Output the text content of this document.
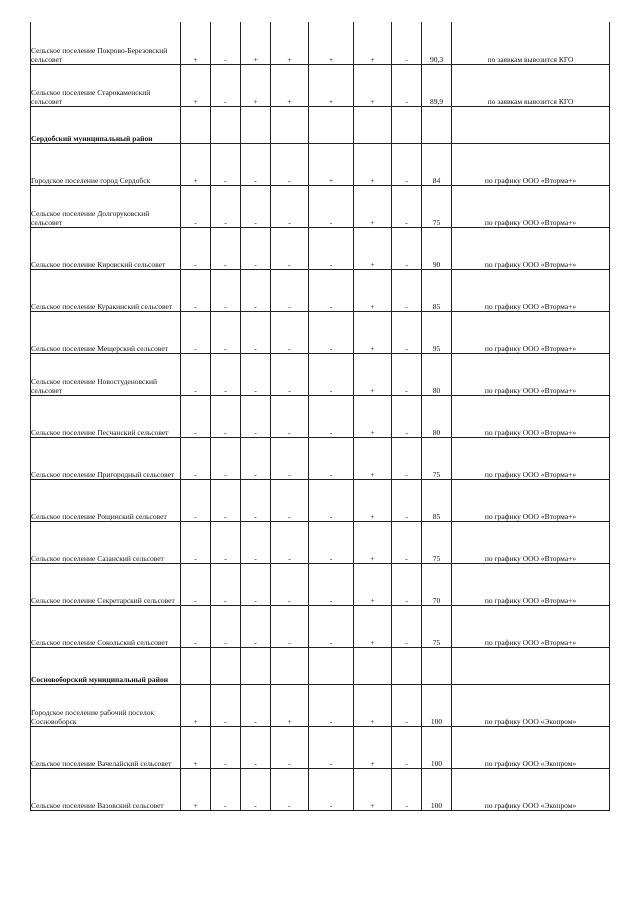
Сельское поселение Покрово-Березовский сельсовет	+	-	+	+	+	+	-	90,3	по заявкам вывозится КГО
Сельское поселение Старокаменский сельсовет	+	-	+	+	+	+	-	89,9	по заявкам вывозится КГО
Сердобский муниципальный район									
Городское поселение город Сердобск	+	-	-	-	+	+	-	84	по графику ООО «Вторма+»
Сельское поселение Долгоруковский сельсовет	-	-	-	-	-	+	-	75	по графику ООО «Вторма+»
Сельское поселение Кировский сельсовет	-	-	-	-	-	+	-	90	по графику ООО «Вторма+»
Сельское поселение Куракинский сельсовет	-	-	-	-	-	+	-	85	по графику ООО «Вторма+»
Сельское поселение Мещерский сельсовет	-	-	-	-	-	+	-	95	по графику ООО «Вторма+»
Сельское поселение Новостуденовский сельсовет	-	-	-	-	-	+	-	80	по графику ООО «Вторма+»
Сельское поселение Песчанский сельсовет	-	-	-	-	-	+	-	80	по графику ООО «Вторма+»
Сельское поселение Пригородный сельсовет	-	-	-	-	-	+	-	75	по графику ООО «Вторма+»
Сельское поселение Рощинский сельсовет	-	-	-	-	-	+	-	85	по графику ООО «Вторма+»
Сельское поселение Сазанский сельсовет	-	-	-	-	-	+	-	75	по графику ООО «Вторма+»
Сельское поселение Секретарский сельсовет	-	-	-	-	-	+	-	70	по графику ООО «Вторма+»
Сельское поселение Сокольский сельсовет	-	-	-	-	-	+	-	75	по графику ООО «Вторма+»
Сосновоборский муниципальный район									
Городское поселение рабочий поселок Сосновоборск	+	-	-	+	-	+	-	100	по графику ООО «Экопром»
Сельское поселение Вачелайский сельсовет	+	-	-	-	-	+	-	100	по графику ООО «Экопром»
Сельское поселение Вазовский сельсовет	+	-	-	-	-	+	-	100	по графику ООО «Экопром»
